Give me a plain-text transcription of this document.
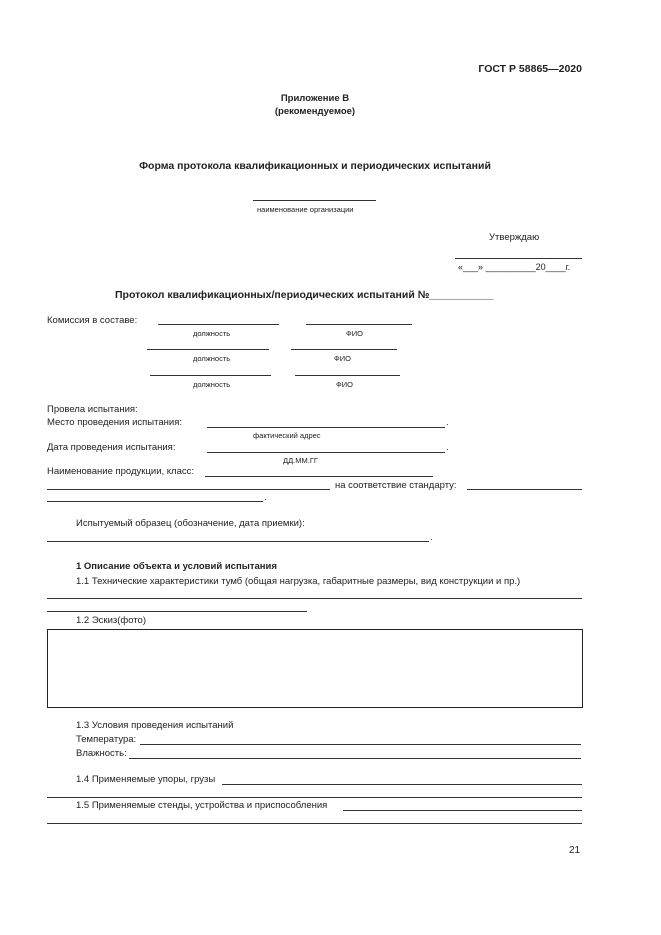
ГОСТ Р 58865—2020
Приложение В
(рекомендуемое)
Форма протокола квалификационных и периодических испытаний
наименование организации
Утверждаю
«___» __________20____г.
Протокол квалификационных/периодических испытаний №___________
Комиссия в составе:
должность	ФИО
должность	ФИО
должность	ФИО
Провела испытания:
Место проведения испытания:	.
фактический адрес
Дата проведения испытания:	.
ДД.ММ.ГГ
Наименование продукции, класс:
на соответствие стандарту:
.
Испытуемый образец (обозначение, дата приемки):
.
1 Описание объекта и условий испытания
1.1 Технические характеристики тумб (общая нагрузка, габаритные размеры, вид конструкции и пр.)
1.2 Эскиз(фото)
1.3 Условия проведения испытаний
Температура:
Влажность:
1.4 Применяемые упоры, грузы
1.5 Применяемые стенды, устройства и приспособления
21
